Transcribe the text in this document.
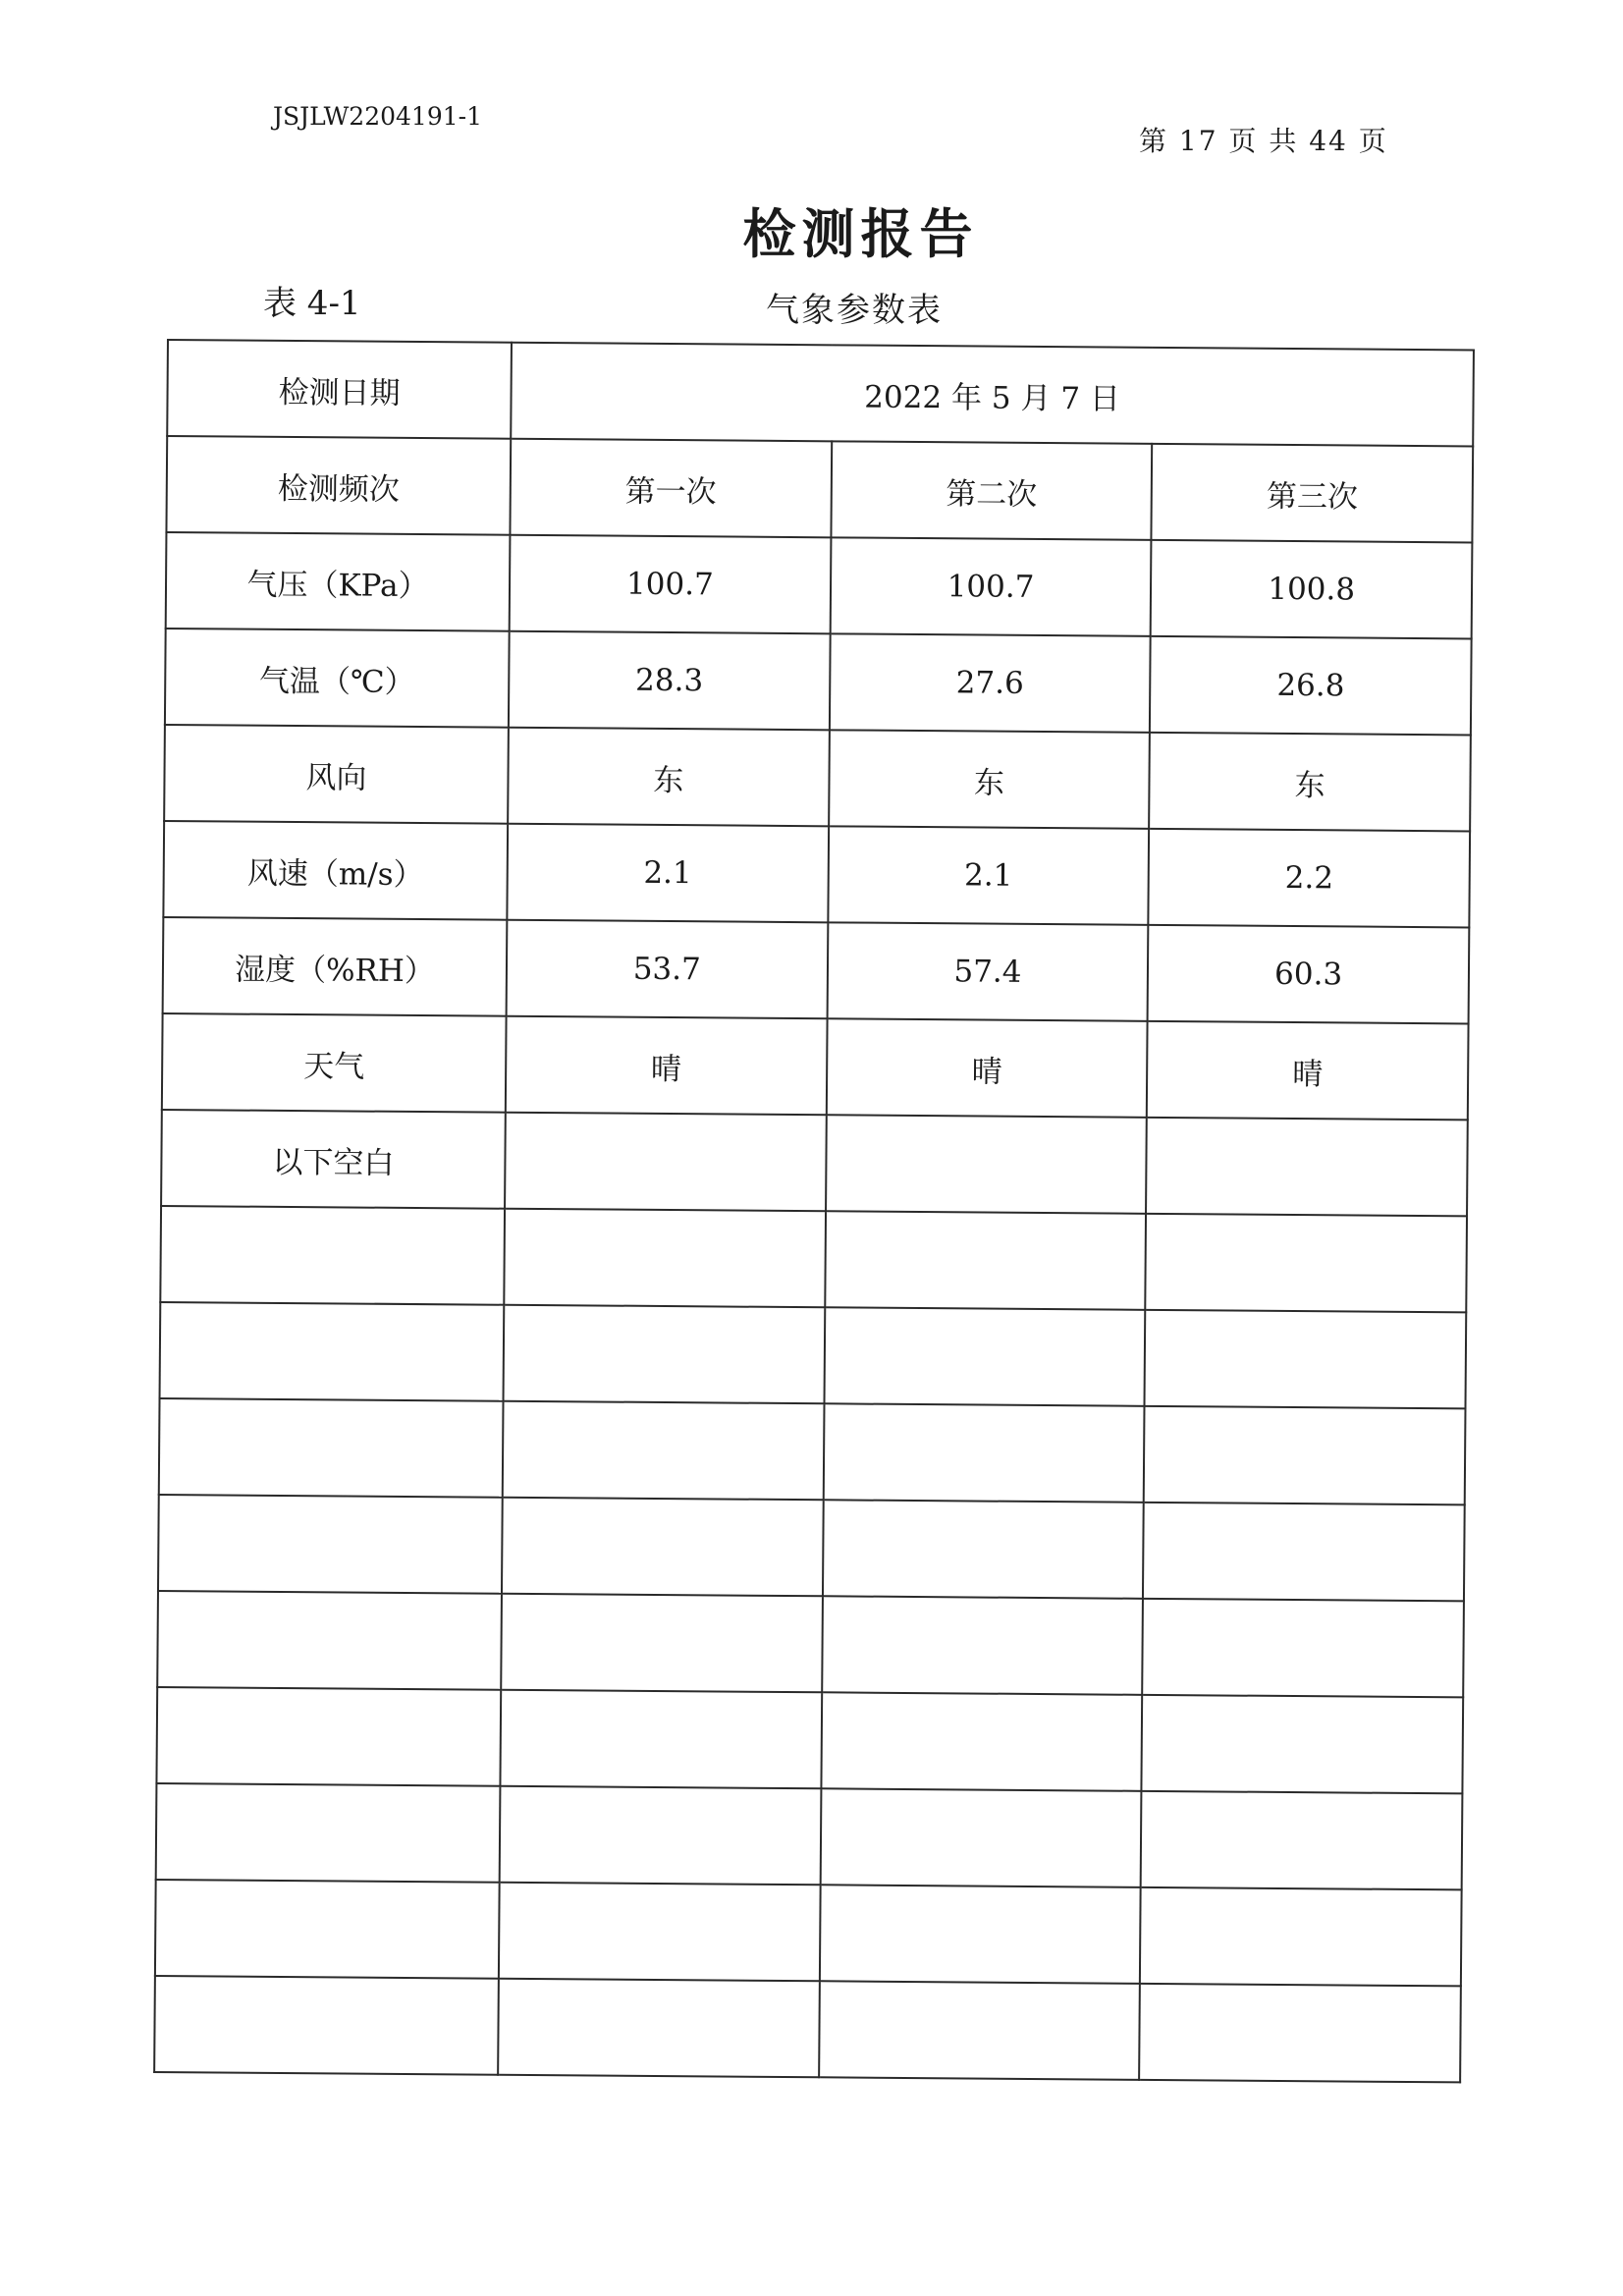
JSJLW2204191-1
第 17 页 共 44 页
检测报告
表 4-1	气象参数表
检测日期	2022 年 5 月 7 日		
检测频次	第一次	第二次	第三次
气压（KPa）	100.7	100.7	100.8
气温（℃）	28.3	27.6	26.8
风向	东	东	东
风速（m/s）	2.1	2.1	2.2
湿度（%RH）	53.7	57.4	60.3
天气	晴	晴	晴
以下空白			
